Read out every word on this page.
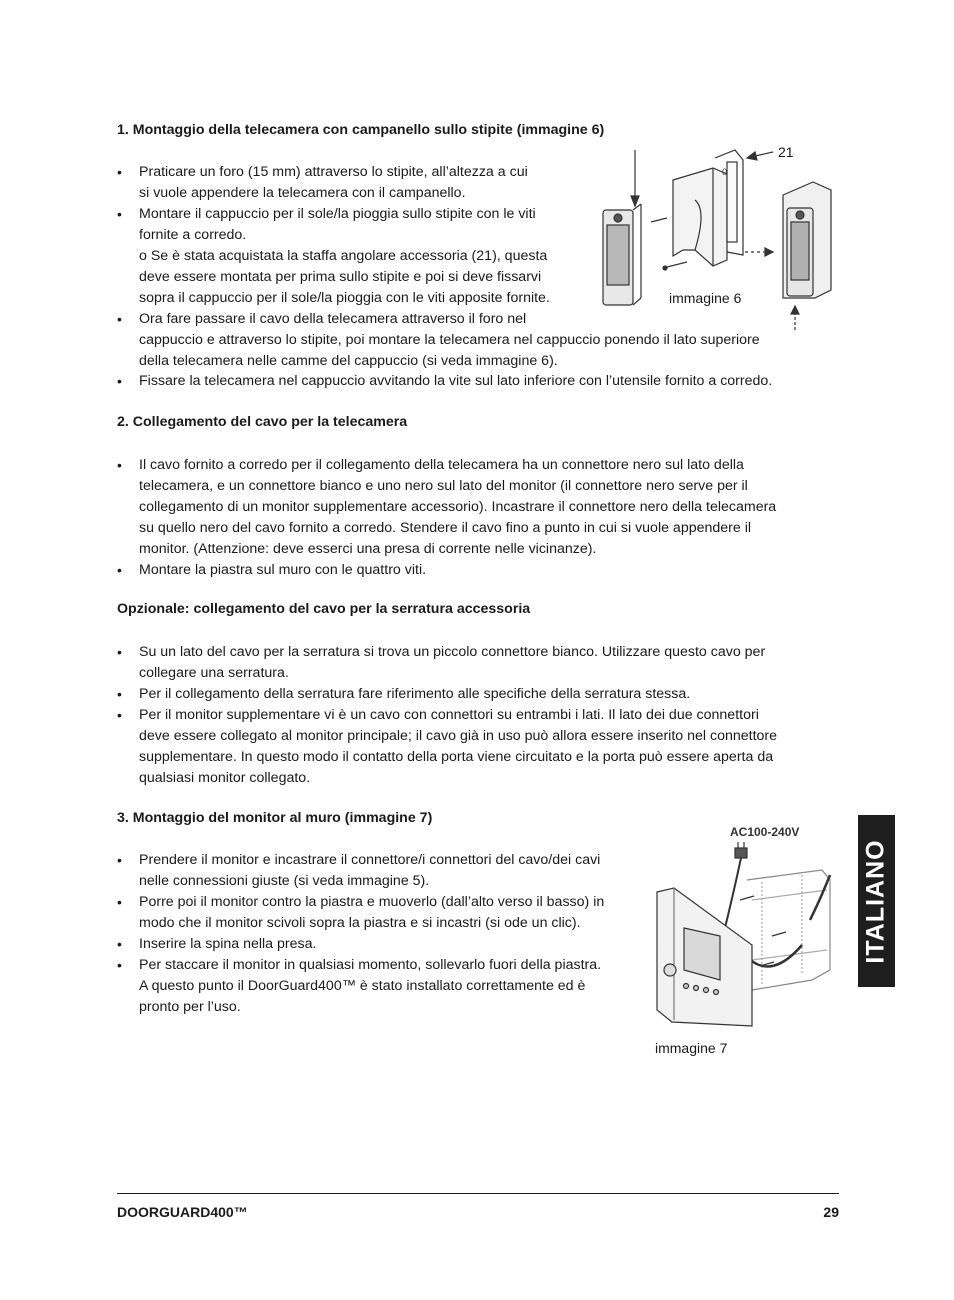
1. Montaggio della telecamera con campanello sullo stipite (immagine 6)
• Praticare un foro (15 mm) attraverso lo stipite, all’altezza a cui
si vuole appendere la telecamera con il campanello.
• Montare il cappuccio per il sole/la pioggia sullo stipite con le viti
fornite a corredo.
o Se è stata acquistata la staffa angolare accessoria (21), questa
deve essere montata per prima sullo stipite e poi si deve fissarvi
sopra il cappuccio per il sole/la pioggia con le viti apposite fornite.
• Ora fare passare il cavo della telecamera attraverso il foro nel
cappuccio e attraverso lo stipite, poi montare la telecamera nel cappuccio ponendo il lato superiore
della telecamera nelle camme del cappuccio (si veda immagine 6).
• Fissare la telecamera nel cappuccio avvitando la vite sul lato inferiore con l’utensile fornito a corredo.
0
21
immagine 6
2. Collegamento del cavo per la telecamera
• Il cavo fornito a corredo per il collegamento della telecamera ha un connettore nero sul lato della
telecamera, e un connettore bianco e uno nero sul lato del monitor (il connettore nero serve per il
collegamento di un monitor supplementare accessorio). Incastrare il connettore nero della telecamera
su quello nero del cavo fornito a corredo. Stendere il cavo fino a punto in cui si vuole appendere il
monitor. (Attenzione: deve esserci una presa di corrente nelle vicinanze).
• Montare la piastra sul muro con le quattro viti.
Opzionale: collegamento del cavo per la serratura accessoria
• Su un lato del cavo per la serratura si trova un piccolo connettore bianco. Utilizzare questo cavo per
collegare una serratura.
• Per il collegamento della serratura fare riferimento alle specifiche della serratura stessa.
• Per il monitor supplementare vi è un cavo con connettori su entrambi i lati. Il lato dei due connettori
deve essere collegato al monitor principale; il cavo già in uso può allora essere inserito nel connettore
supplementare. In questo modo il contatto della porta viene circuitato e la porta può essere aperta da
qualsiasi monitor collegato.
3. Montaggio del monitor al muro (immagine 7)
• Prendere il monitor e incastrare il connettore/i connettori del cavo/dei cavi
nelle connessioni giuste (si veda immagine 5).
• Porre poi il monitor contro la piastra e muoverlo (dall’alto verso il basso) in
modo che il monitor scivoli sopra la piastra e si incastri (si ode un clic).
• Inserire la spina nella presa.
• Per staccare il monitor in qualsiasi momento, sollevarlo fuori della piastra.
A questo punto il DoorGuard400™ è stato installato correttamente ed è
pronto per l’uso.
AC100-240V
immagine 7
ITALIANO
DOORGUARD400™	29
